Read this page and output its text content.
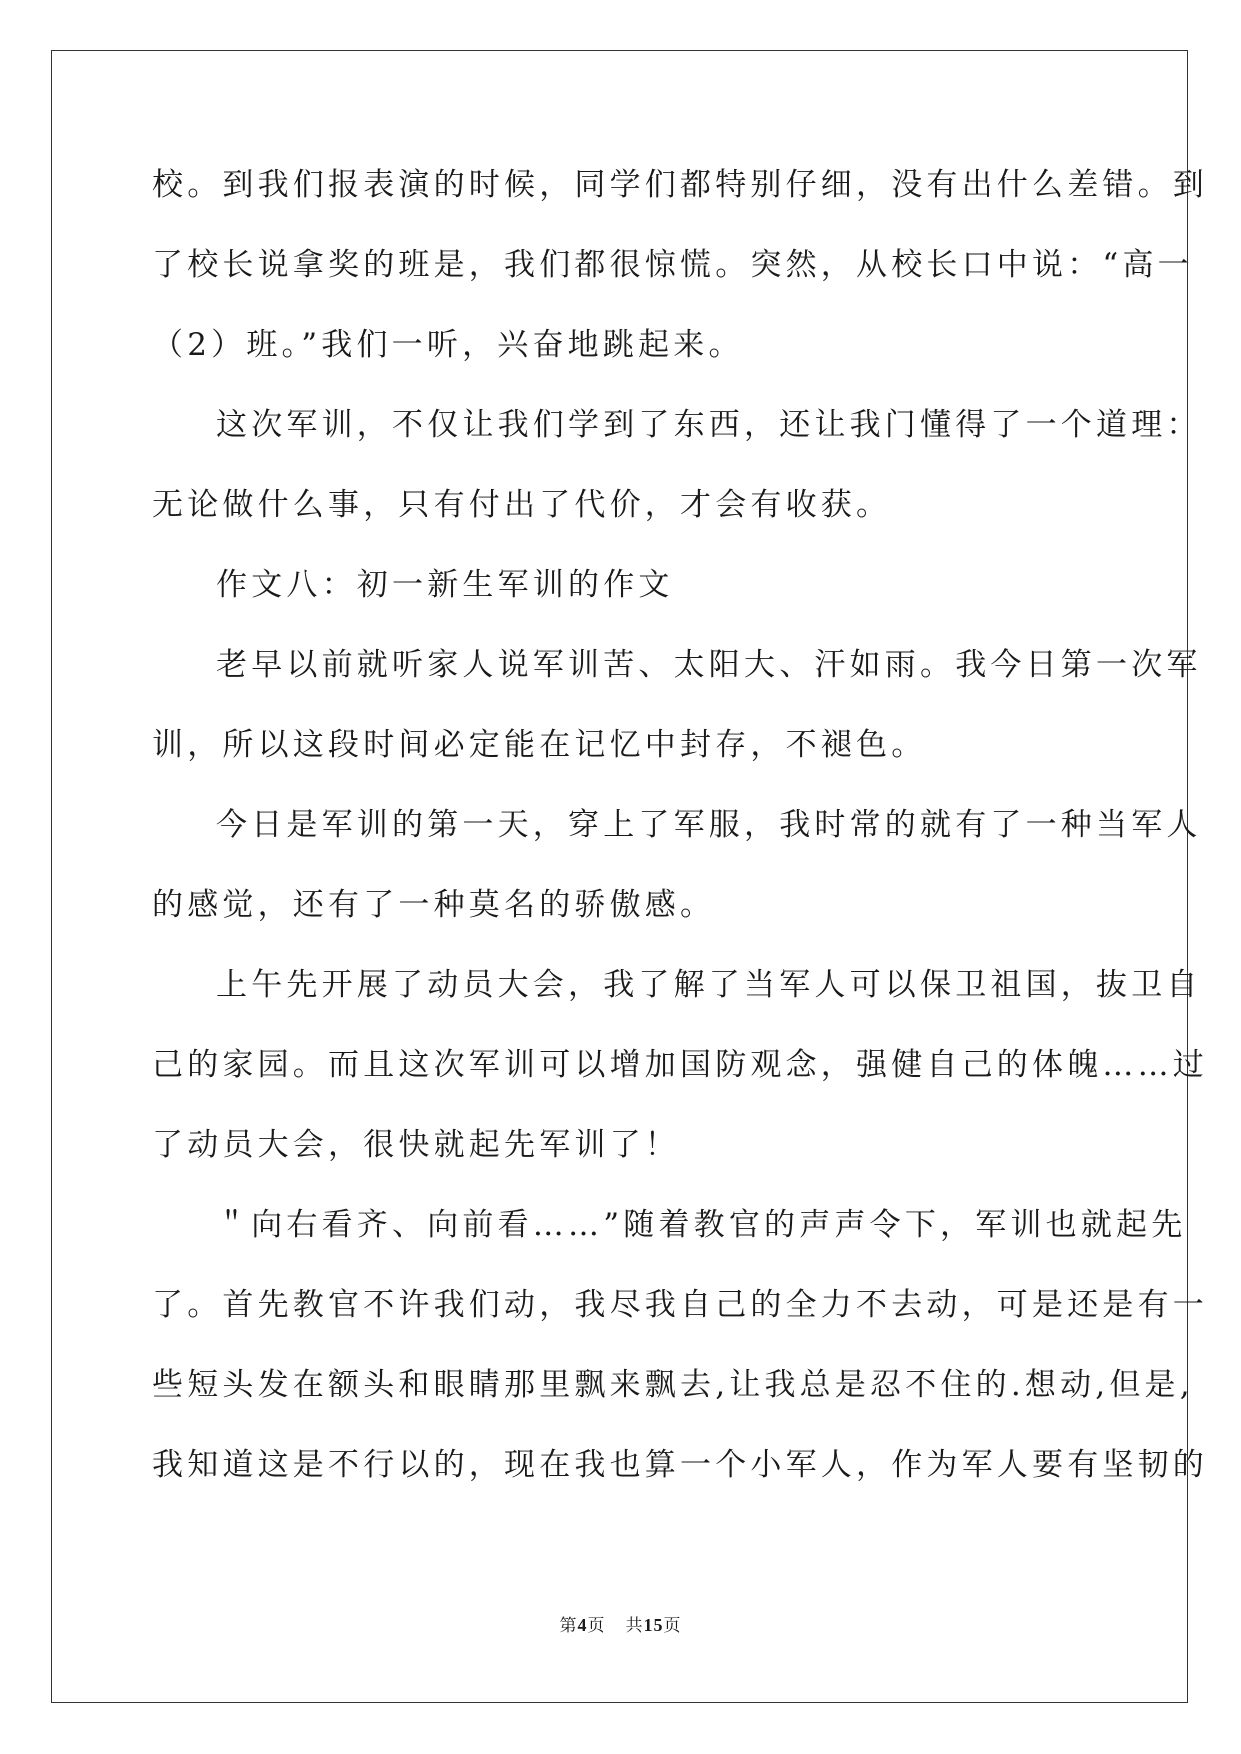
校。到我们报表演的时候，同学们都特别仔细，没有出什么差错。到
了校长说拿奖的班是，我们都很惊慌。突然，从校长口中说：“高一
（2）班。”我们一听，兴奋地跳起来。
这次军训，不仅让我们学到了东西，还让我门懂得了一个道理：
无论做什么事，只有付出了代价，才会有收获。
作文八：初一新生军训的作文
老早以前就听家人说军训苦、太阳大、汗如雨。我今日第一次军
训，所以这段时间必定能在记忆中封存，不褪色。
今日是军训的第一天，穿上了军服，我时常的就有了一种当军人
的感觉，还有了一种莫名的骄傲感。
上午先开展了动员大会，我了解了当军人可以保卫祖国，抜卫自
己的家园。而且这次军训可以增加国防观念，强健自己的体魄……过
了动员大会，很快就起先军训了！
＂向右看齐、向前看……”随着教官的声声令下，军训也就起先
了。首先教官不许我们动，我尽我自己的全力不去动，可是还是有一
些短头发在额头和眼睛那里飘来飘去,让我总是忍不住的.想动,但是,
我知道这是不行以的，现在我也算一个小军人，作为军人要有坚韧的
第4页 共15页
